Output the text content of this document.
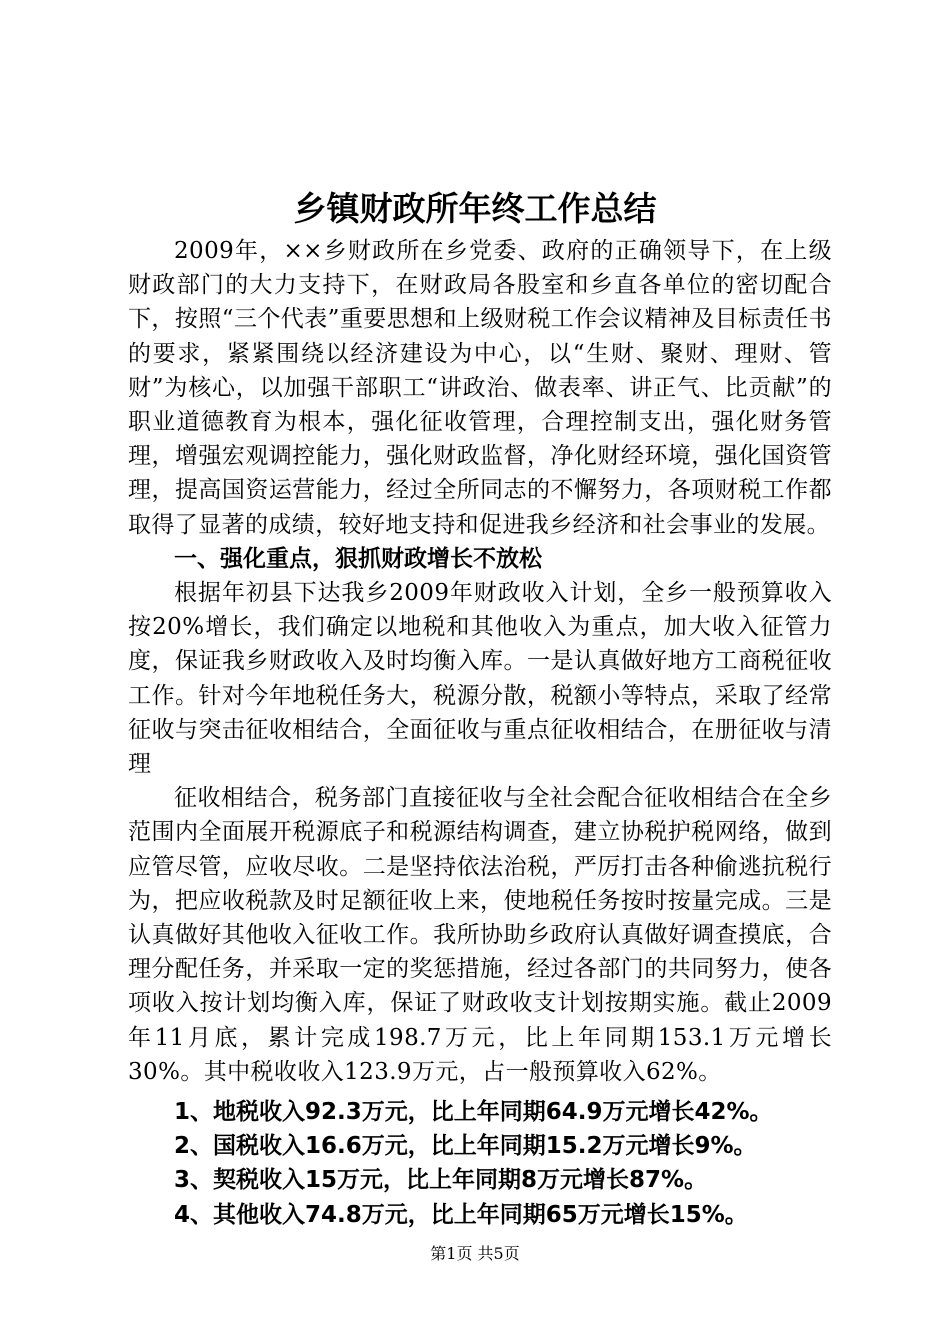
乡镇财政所年终工作总结

2009年，××乡财政所在乡党委、政府的正确领导下，在上级财政部门的大力支持下，在财政局各股室和乡直各单位的密切配合下，按照“三个代表”重要思想和上级财税工作会议精神及目标责任书的要求，紧紧围绕以经济建设为中心，以“生财、聚财、理财、管财”为核心，以加强干部职工“讲政治、做表率、讲正气、比贡献”的职业道德教育为根本，强化征收管理，合理控制支出，强化财务管理，增强宏观调控能力，强化财政监督，净化财经环境，强化国资管理，提高国资运营能力，经过全所同志的不懈努力，各项财税工作都取得了显著的成绩，较好地支持和促进我乡经济和社会事业的发展。

一、强化重点，狠抓财政增长不放松

根据年初县下达我乡2009年财政收入计划，全乡一般预算收入按20%增长，我们确定以地税和其他收入为重点，加大收入征管力度，保证我乡财政收入及时均衡入库。一是认真做好地方工商税征收工作。针对今年地税任务大，税源分散，税额小等特点，采取了经常征收与突击征收相结合，全面征收与重点征收相结合，在册征收与清理

征收相结合，税务部门直接征收与全社会配合征收相结合在全乡范围内全面展开税源底子和税源结构调查，建立协税护税网络，做到应管尽管，应收尽收。二是坚持依法治税，严厉打击各种偷逃抗税行为，把应收税款及时足额征收上来，使地税任务按时按量完成。三是认真做好其他收入征收工作。我所协助乡政府认真做好调查摸底，合理分配任务，并采取一定的奖惩措施，经过各部门的共同努力，使各项收入按计划均衡入库，保证了财政收支计划按期实施。截止2009年11月底，累计完成198.7万元，比上年同期153.1万元增长30%。其中税收收入123.9万元，占一般预算收入62%。

1、地税收入92.3万元，比上年同期64.9万元增长42%。

2、国税收入16.6万元，比上年同期15.2万元增长9%。

3、契税收入15万元，比上年同期8万元增长87%。

4、其他收入74.8万元，比上年同期65万元增长15%。

第1页 共5页
